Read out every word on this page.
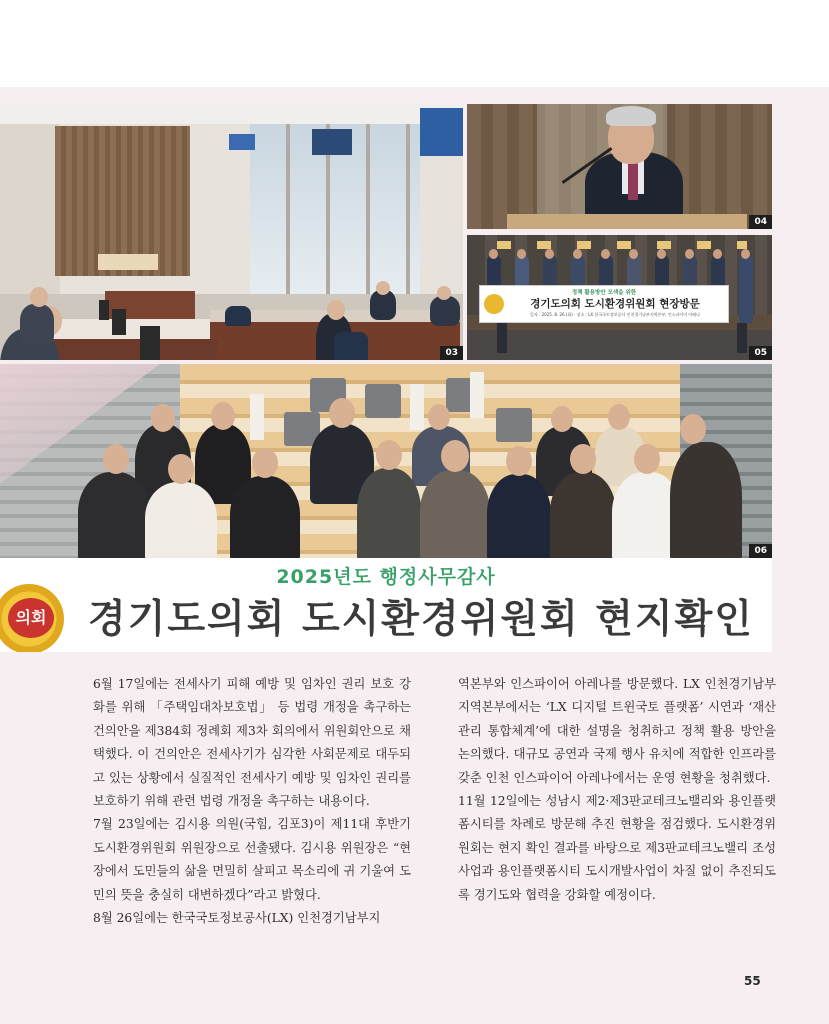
03
04
정책 활용방안 모색을 위한
경기도의회 도시환경위원회 현장방문
일자 : 2025. 8. 26.(화) · 장소 : LX 한국국토정보공사 인천경기남부지역본부, 인스파이어 아레나
05
06
2025년도 행정사무감사
의회	경기도의회 도시환경위원회 현지확인

6월 17일에는 전세사기 피해 예방 및 임차인 권리 보호 강화를 위해 「주택임대차보호법」 등 법령 개정을 촉구하는 건의안을 제384회 정례회 제3차 회의에서 위원회안으로 채택했다. 이 건의안은 전세사기가 심각한 사회문제로 대두되고 있는 상황에서 실질적인 전세사기 예방 및 임차인 권리를 보호하기 위해 관련 법령 개정을 촉구하는 내용이다.

7월 23일에는 김시용 의원(국힘, 김포3)이 제11대 후반기 도시환경위원회 위원장으로 선출됐다. 김시용 위원장은 “현장에서 도민들의 삶을 면밀히 살피고 목소리에 귀 기울여 도민의 뜻을 충실히 대변하겠다”라고 밝혔다.

8월 26일에는 한국국토정보공사(LX) 인천경기남부지

역본부와 인스파이어 아레나를 방문했다. LX 인천경기남부지역본부에서는 ‘LX 디지털 트윈국토 플랫폼’ 시연과 ‘재산 관리 통합체계’에 대한 설명을 청취하고 정책 활용 방안을 논의했다. 대규모 공연과 국제 행사 유치에 적합한 인프라를 갖춘 인천 인스파이어 아레나에서는 운영 현황을 청취했다.

11월 12일에는 성남시 제2·제3판교테크노밸리와 용인플랫폼시티를 차례로 방문해 추진 현황을 점검했다. 도시환경위원회는 현지 확인 결과를 바탕으로 제3판교테크노밸리 조성사업과 용인플랫폼시티 도시개발사업이 차질 없이 추진되도록 경기도와 협력을 강화할 예정이다.

55
